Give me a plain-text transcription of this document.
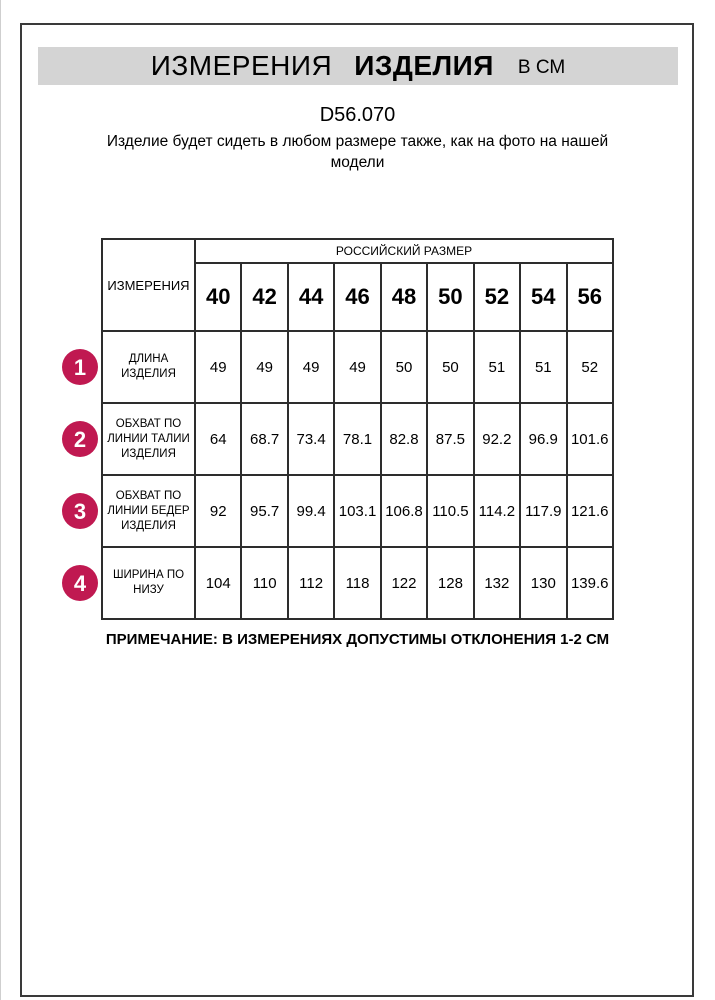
ИЗМЕРЕНИЯ ИЗДЕЛИЯ В СМ
D56.070
Изделие будет сидеть в любом размере также, как на фото на нашей модели
ИЗМЕРЕНИЯ	РОССИЙСКИЙ РАЗМЕР								
	40	42	44	46	48	50	52	54	56

1 ДЛИНА ИЗДЕЛИЯ	49	49	49	49	50	50	51	51	52

2
ОБХВАТ ПО ЛИНИИ ТАЛИИ ИЗДЕЛИЯ	64	68.7	73.4	78.1	82.8	87.5	92.2	96.9	101.6

3
ОБХВАТ ПО ЛИНИИ БЕДЕР ИЗДЕЛИЯ	92	95.7	99.4	103.1	106.8	110.5	114.2	117.9	121.6

4 ШИРИНА ПО НИЗУ	104	110	112	118	122	128	132	130	139.6
ПРИМЕЧАНИЕ: В ИЗМЕРЕНИЯХ ДОПУСТИМЫ ОТКЛОНЕНИЯ 1-2 СМ
